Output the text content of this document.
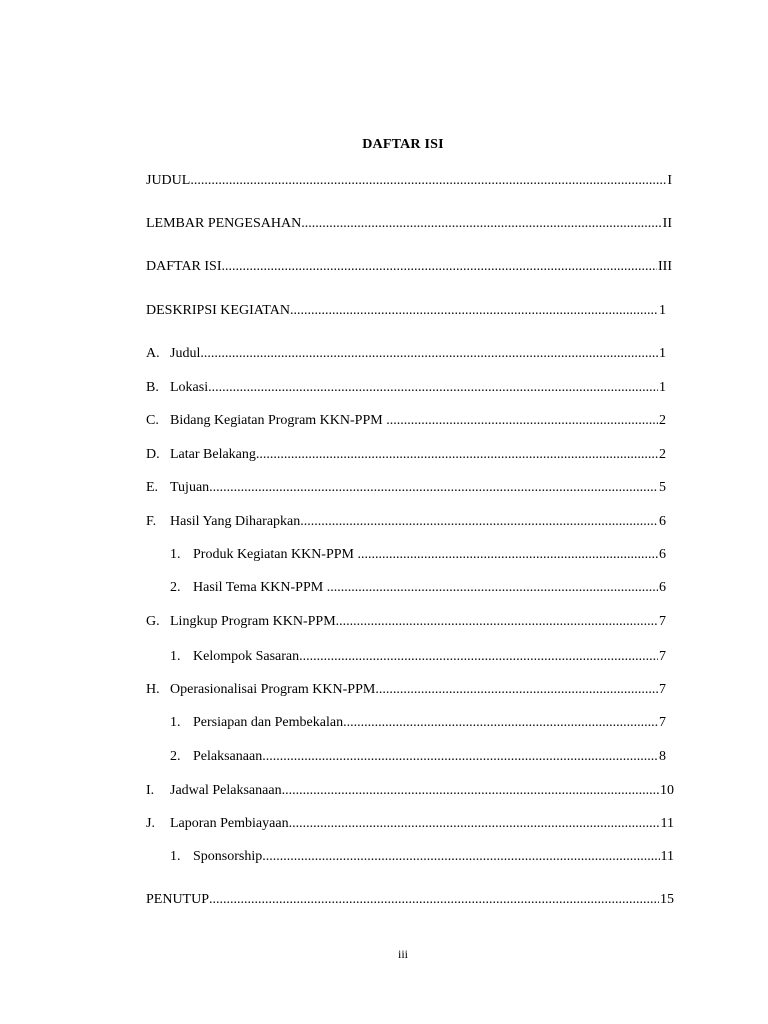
DAFTAR ISI
JUDUL .....	I
LEMBAR PENGESAHAN .....	II
DAFTAR ISI .....	III
DESKRIPSI KEGIATAN .....	1
A. Judul .....	1
B. Lokasi .....	1
C. Bidang Kegiatan Program KKN-PPM .....	2
D. Latar Belakang .....	2
E. Tujuan .....	5
F. Hasil Yang Diharapkan .....	6
1. Produk Kegiatan KKN-PPM .....	6
2. Hasil Tema KKN-PPM .....	6
G. Lingkup Program KKN-PPM .....	7
1. Kelompok Sasaran .....	7
H. Operasionalisai Program KKN-PPM .....	7
1. Persiapan dan Pembekalan .....	7
2. Pelaksanaan .....	8
I.	Jadwal Pelaksanaan .....	10
J.	Laporan Pembiayaan .....	11
1. Sponsorship .....	11
PENUTUP .....	15
iii
